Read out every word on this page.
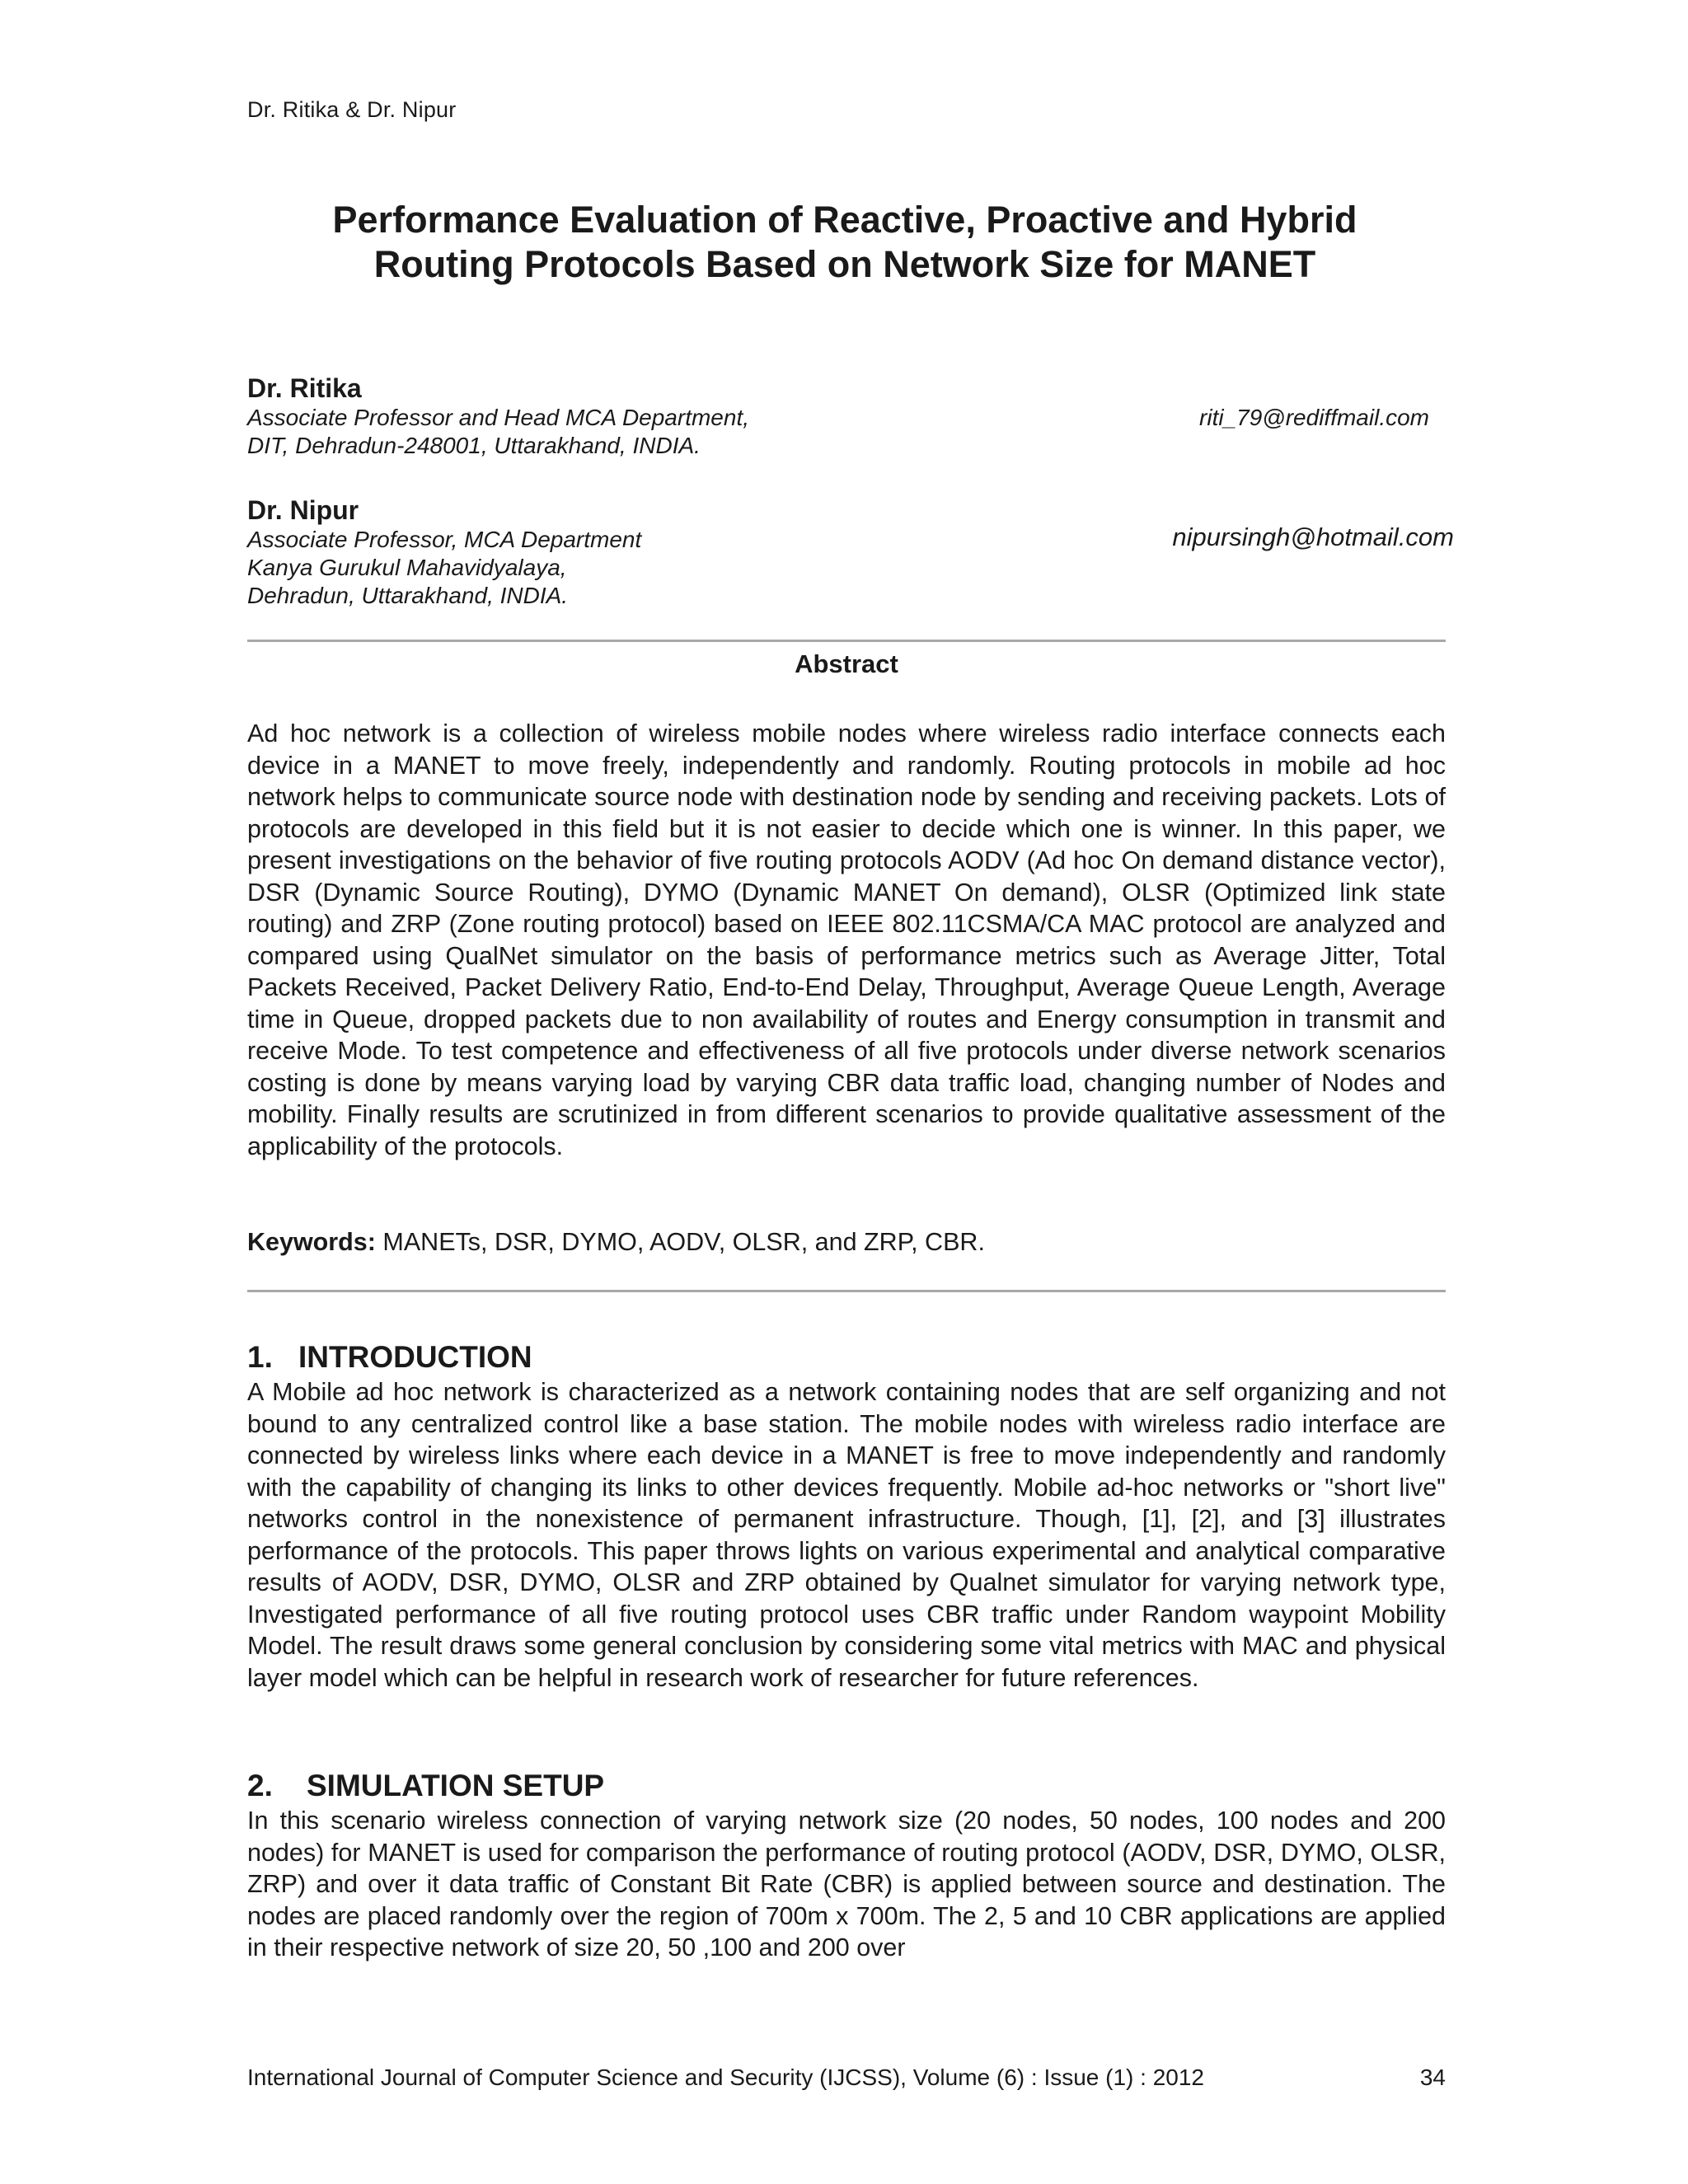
Dr. Ritika & Dr. Nipur
Performance Evaluation of Reactive, Proactive and Hybrid
Routing Protocols Based on Network Size for MANET
Dr. Ritika
Associate Professor and Head MCA Department,	riti_79@rediffmail.com
DIT, Dehradun-248001, Uttarakhand, INDIA.
Dr. Nipur
Associate Professor, MCA Department	nipursingh@hotmail.com
Kanya Gurukul Mahavidyalaya,
Dehradun, Uttarakhand, INDIA.
Abstract

Ad hoc network is a collection of wireless mobile nodes where wireless radio interface connects each device in a MANET to move freely, independently and randomly. Routing protocols in mobile ad hoc network helps to communicate source node with destination node by sending and receiving packets. Lots of protocols are developed in this field but it is not easier to decide which one is winner. In this paper, we present investigations on the behavior of five routing protocols AODV (Ad hoc On demand distance vector), DSR (Dynamic Source Routing), DYMO (Dynamic MANET On demand), OLSR (Optimized link state routing) and ZRP (Zone routing protocol) based on IEEE 802.11CSMA/CA MAC protocol are analyzed and compared using QualNet simulator on the basis of performance metrics such as Average Jitter, Total Packets Received, Packet Delivery Ratio, End-to-End Delay, Throughput, Average Queue Length, Average time in Queue, dropped packets due to non availability of routes and Energy consumption in transmit and receive Mode. To test competence and effectiveness of all five protocols under diverse network scenarios costing is done by means varying load by varying CBR data traffic load, changing number of Nodes and mobility. Finally results are scrutinized in from different scenarios to provide qualitative assessment of the applicability of the protocols.

Keywords: MANETs, DSR, DYMO, AODV, OLSR, and ZRP, CBR.

1. INTRODUCTION

A Mobile ad hoc network is characterized as a network containing nodes that are self organizing and not bound to any centralized control like a base station. The mobile nodes with wireless radio interface are connected by wireless links where each device in a MANET is free to move independently and randomly with the capability of changing its links to other devices frequently. Mobile ad-hoc networks or "short live" networks control in the nonexistence of permanent infrastructure. Though, [1], [2], and [3] illustrates performance of the protocols. This paper throws lights on various experimental and analytical comparative results of AODV, DSR, DYMO, OLSR and ZRP obtained by Qualnet simulator for varying network type, Investigated performance of all five routing protocol uses CBR traffic under Random waypoint Mobility Model. The result draws some general conclusion by considering some vital metrics with MAC and physical layer model which can be helpful in research work of researcher for future references.

2. SIMULATION SETUP

In this scenario wireless connection of varying network size (20 nodes, 50 nodes, 100 nodes and 200 nodes) for MANET is used for comparison the performance of routing protocol (AODV, DSR, DYMO, OLSR, ZRP) and over it data traffic of Constant Bit Rate (CBR) is applied between source and destination. The nodes are placed randomly over the region of 700m x 700m. The 2, 5 and 10 CBR applications are applied in their respective network of size 20, 50 ,100 and 200 over

International Journal of Computer Science and Security (IJCSS), Volume (6) : Issue (1) : 2012	34
